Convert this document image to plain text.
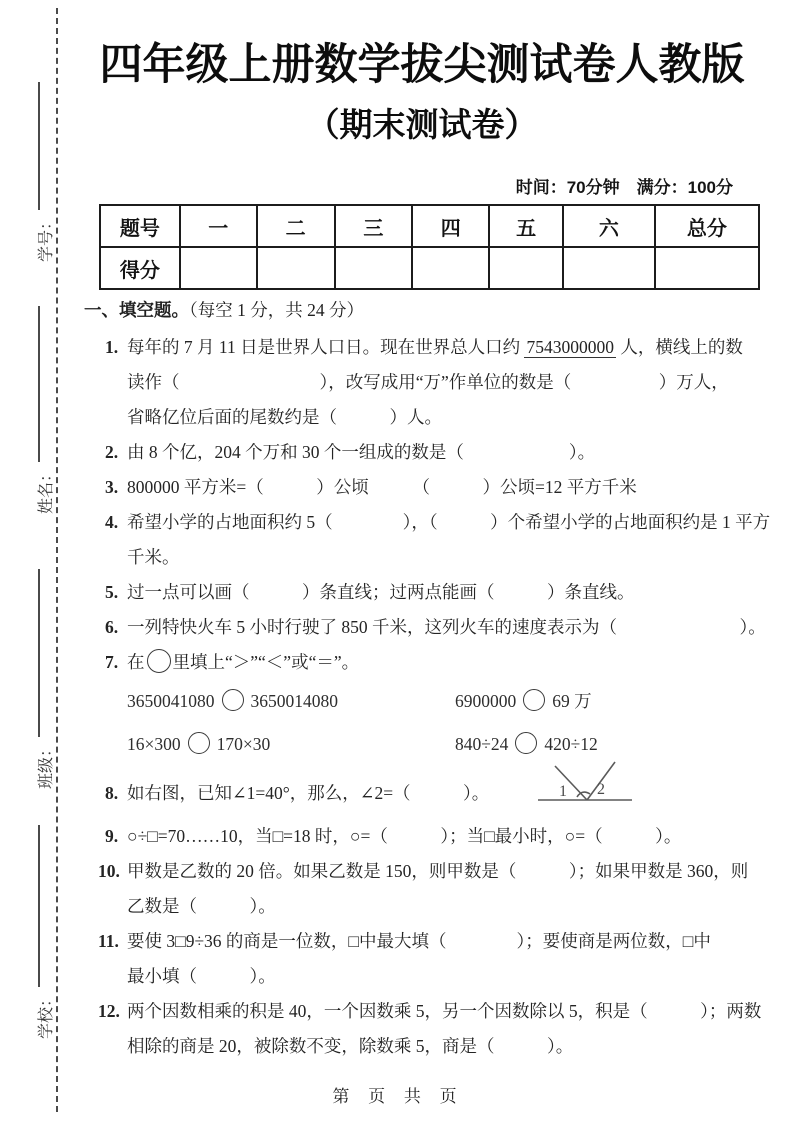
学号：
姓名：
班级：
学校：
四年级上册数学拔尖测试卷人教版
（期末测试卷）
时间：70分钟　满分：100分
题号	一	二	三	四	五	六	总分
得分							
一、填空题。（每空 1 分，共 24 分）
1. 每年的 7 月 11 日是世界人口日。现在世界总人口约 7543000000 人，横线上的数
读作（　　　　　　　　），改写成用“万”作单位的数是（　　　　　）万人，
省略亿位后面的尾数约是（　　　）人。
2. 由 8 个亿，204 个万和 30 个一组成的数是（　　　　　　）。
3. 800000 平方米=（　　　）公顷　　　（　　　）公顷=12 平方千米
4. 希望小学的占地面积约 5（　　　　），（　　　）个希望小学的占地面积约是 1 平方
千米。
5. 过一点可以画（　　　）条直线；过两点能画（　　　）条直线。
6. 一列特快火车 5 小时行驶了 850 千米，这列火车的速度表示为（　　　　　　　）。
7. 在 里填上“＞”“＜”或“＝”。
3650041080 3650014080	6900000 69 万
16×300 170×30	840÷24 420÷12
8. 如右图，已知∠1=40°，那么，∠2=（　　　）。	1 2
9. ○÷□=70……10，当□=18 时，○=（　　　）；当□最小时，○=（　　　）。
10. 甲数是乙数的 20 倍。如果乙数是 150，则甲数是（　　　）；如果甲数是 360，则
乙数是（　　　）。
11. 要使 3□9÷36 的商是一位数，□中最大填（　　　　）；要使商是两位数，□中
最小填（　　　）。
12. 两个因数相乘的积是 40，一个因数乘 5，另一个因数除以 5，积是（　　　）；两数
相除的商是 20，被除数不变，除数乘 5，商是（　　　）。
第 页 共 页
